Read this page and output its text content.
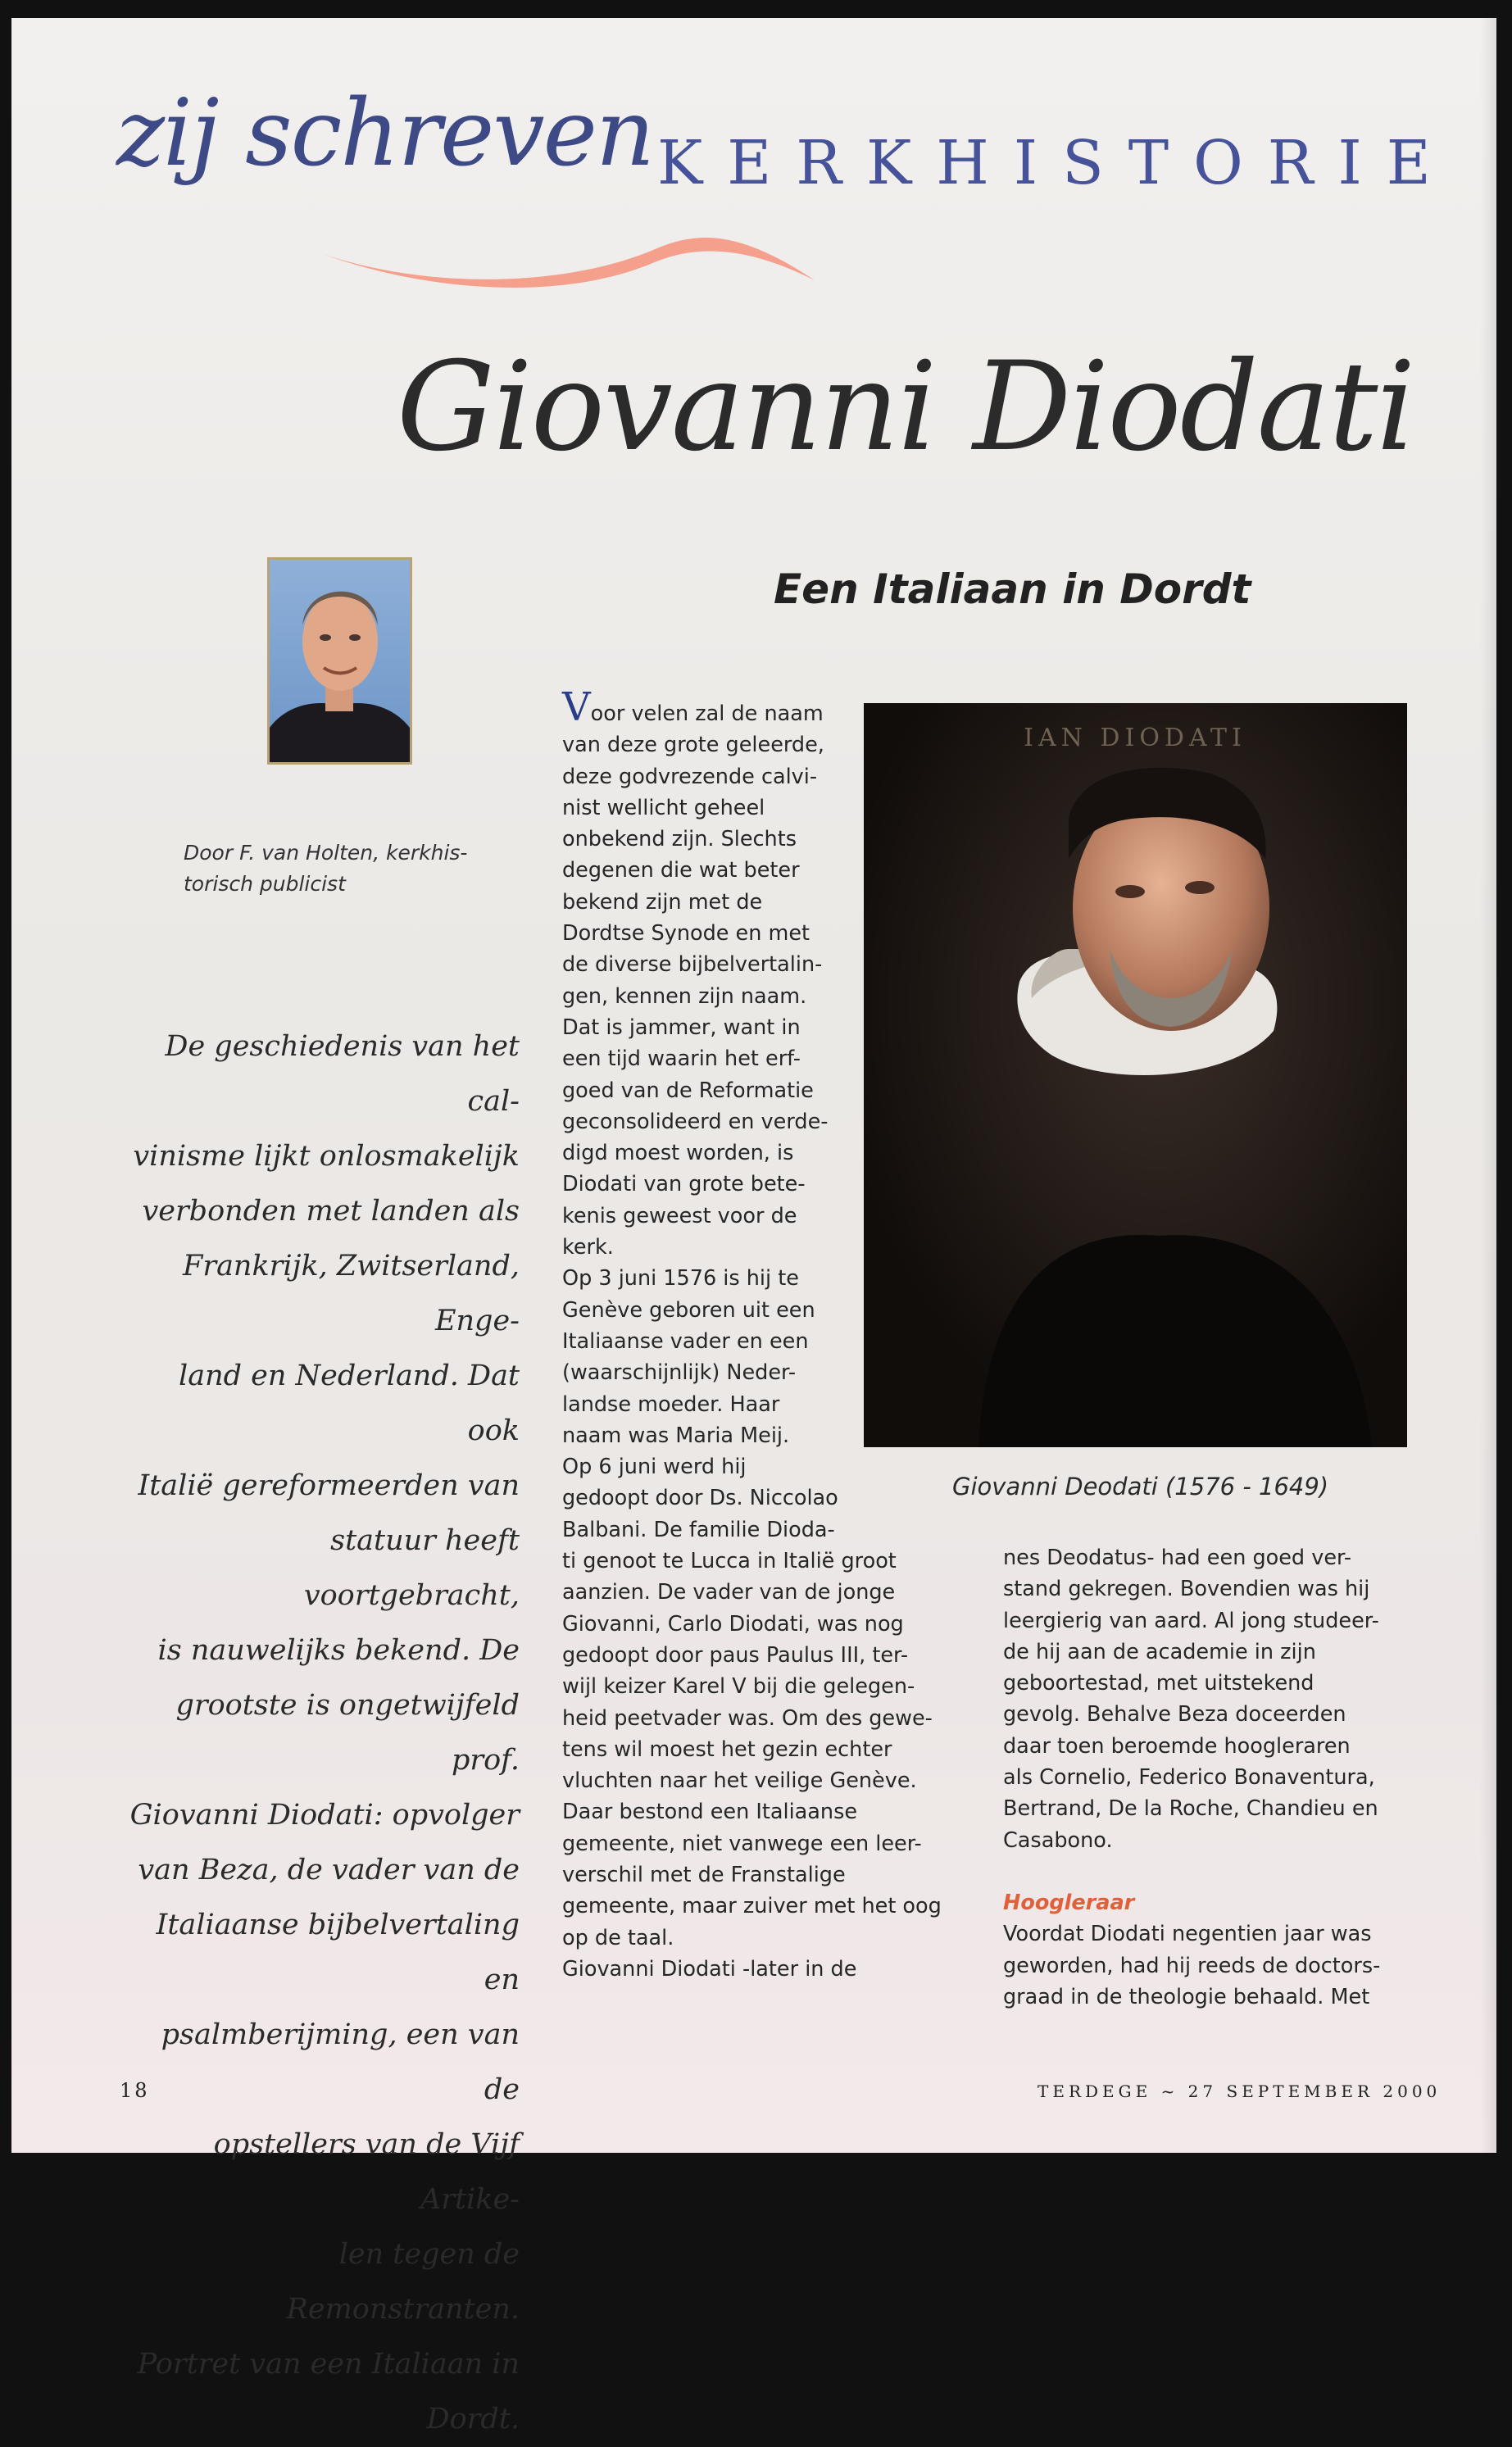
zij schreven KERKHISTORIE
Giovanni Diodati
Een Italiaan in Dordt
Door F. van Holten, kerkhis-torisch publicist

De geschiedenis van het cal-

vinisme lijkt onlosmakelijk

verbonden met landen als

Frankrijk, Zwitserland, Enge-

land en Nederland. Dat ook

Italië gereformeerden van

statuur heeft voortgebracht,

is nauwelijks bekend. De

grootste is ongetwijfeld prof.

Giovanni Diodati: opvolger

van Beza, de vader van de

Italiaanse bijbelvertaling en

psalmberijming, een van de

opstellers van de Vijf Artike-

len tegen de Remonstranten.

Portret van een Italiaan in

Dordt.

Voor velen zal de naam

van deze grote geleerde,

deze godvrezende calvi-

nist wellicht geheel

onbekend zijn. Slechts

degenen die wat beter

bekend zijn met de

Dordtse Synode en met

de diverse bijbelvertalin-

gen, kennen zijn naam.

Dat is jammer, want in

een tijd waarin het erf-

goed van de Reformatie

geconsolideerd en verde-

digd moest worden, is

Diodati van grote bete-

kenis geweest voor de

kerk.

Op 3 juni 1576 is hij te

Genève geboren uit een

Italiaanse vader en een

(waarschijnlijk) Neder-

landse moeder. Haar

naam was Maria Meij.

Op 6 juni werd hij

gedoopt door Ds. Niccolao

Balbani. De familie Dioda-

ti genoot te Lucca in Italië groot

aanzien. De vader van de jonge

Giovanni, Carlo Diodati, was nog

gedoopt door paus Paulus III, ter-

wijl keizer Karel V bij die gelegen-

heid peetvader was. Om des gewe-

tens wil moest het gezin echter

vluchten naar het veilige Genève.

Daar bestond een Italiaanse

gemeente, niet vanwege een leer-

verschil met de Franstalige

gemeente, maar zuiver met het oog

op de taal.

Giovanni Diodati -later in de

IAN DIODATI
Giovanni Deodati (1576 - 1649)

nes Deodatus- had een goed ver-

stand gekregen. Bovendien was hij

leergierig van aard. Al jong studeer-

de hij aan de academie in zijn

geboortestad, met uitstekend

gevolg. Behalve Beza doceerden

daar toen beroemde hoogleraren

als Cornelio, Federico Bonaventura,

Bertrand, De la Roche, Chandieu en

Casabono.

Hoogleraar

Voordat Diodati negentien jaar was

geworden, had hij reeds de doctors-

graad in de theologie behaald. Met

18	TERDEGE ~ 27 SEPTEMBER 2000
